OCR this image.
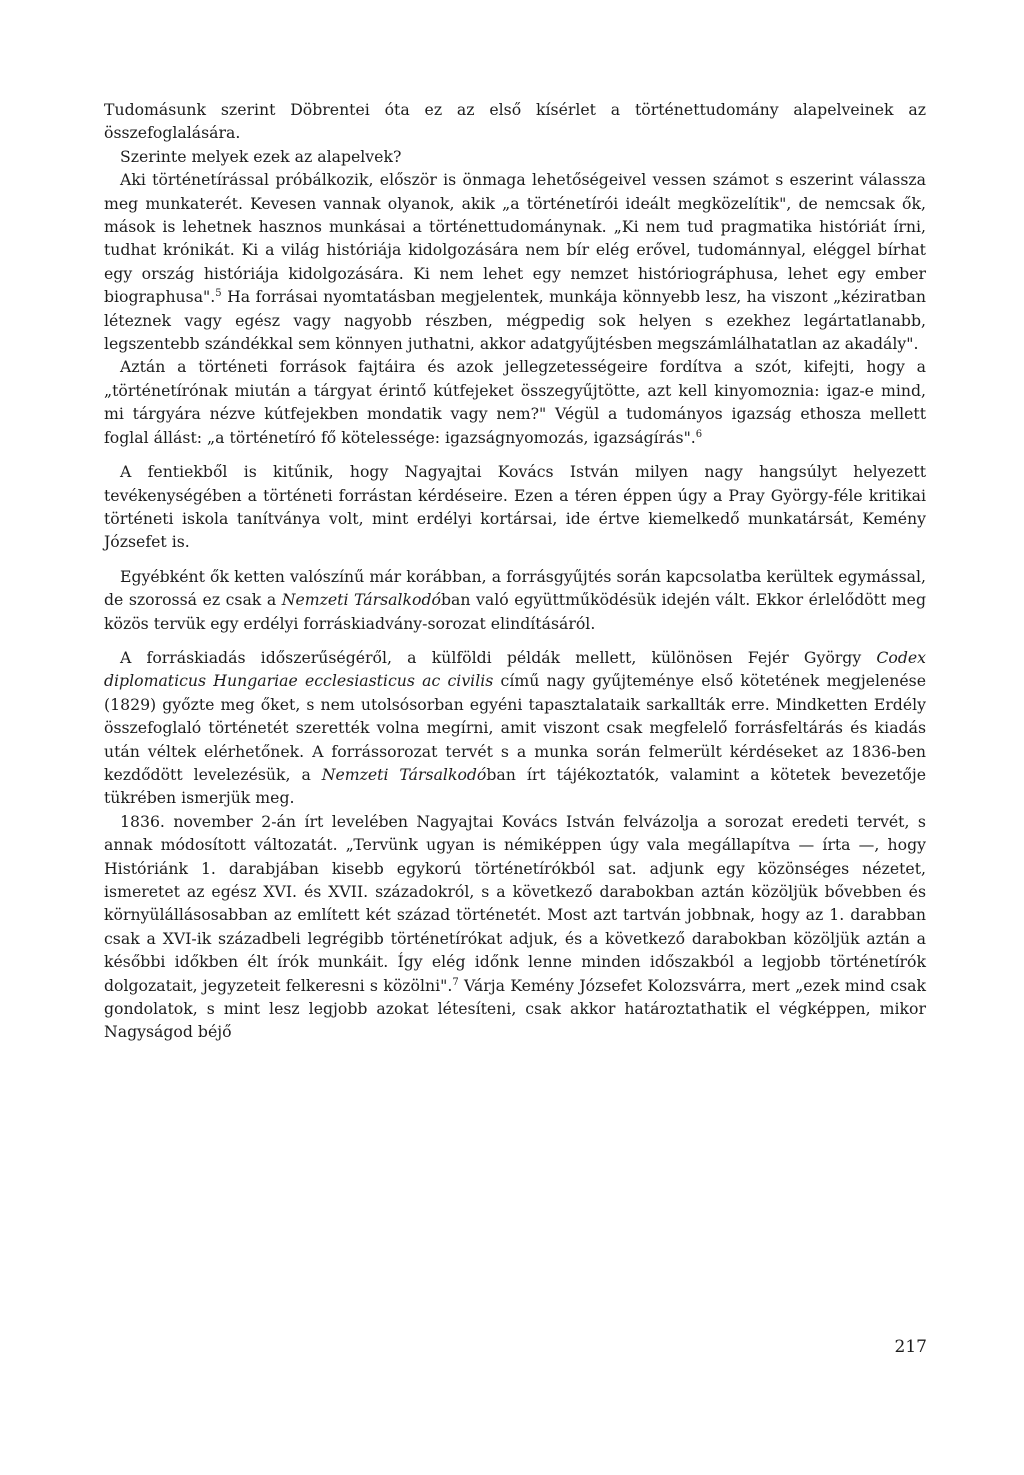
Tudomásunk szerint Döbrentei óta ez az első kísérlet a történettudomány alapelveinek az összefoglalására.

Szerinte melyek ezek az alapelvek?

Aki történetírással próbálkozik, először is önmaga lehetőségeivel vessen számot s eszerint válassza meg munkaterét. Kevesen vannak olyanok, akik „a történetírói ideált megközelítik", de nemcsak ők, mások is lehetnek hasznos munkásai a történettudománynak. „Ki nem tud pragmatika históriát írni, tudhat krónikát. Ki a világ históriája kidolgozására nem bír elég erővel, tudománnyal, eléggel bírhat egy ország históriája kidolgozására. Ki nem lehet egy nemzet históriográphusa, lehet egy ember biographusa".$^5$ Ha forrásai nyomtatásban megjelentek, munkája könnyebb lesz, ha viszont „kéziratban léteznek vagy egész vagy nagyobb részben, mégpedig sok helyen s ezekhez legártatlanabb, legszentebb szándékkal sem könnyen juthatni, akkor adatgyűjtésben megszámlálhatatlan az akadály".

Aztán a történeti források fajtáira és azok jellegzetességeire fordítva a szót, kifejti, hogy a „történetírónak miután a tárgyat érintő kútfejeket összegyűjtötte, azt kell kinyomoznia: igaz-e mind, mi tárgyára nézve kútfejekben mondatik vagy nem?" Végül a tudományos igazság ethosza mellett foglal állást: „a történetíró fő kötelessége: igazságnyomozás, igazságírás".$^6$

A fentiekből is kitűnik, hogy Nagyajtai Kovács István milyen nagy hangsúlyt helyezett tevékenységében a történeti forrástan kérdéseire. Ezen a téren éppen úgy a Pray György-féle kritikai történeti iskola tanítványa volt, mint erdélyi kortársai, ide értve kiemelkedő munkatársát, Kemény Józsefet is.

Egyébként ők ketten valószínű már korábban, a forrásgyűjtés során kapcsolatba kerültek egymással, de szorossá ez csak a Nemzeti Társalkodóban való együttműködésük idején vált. Ekkor érlelődött meg közös tervük egy erdélyi forráskiadvány-sorozat elindításáról.

A forráskiadás időszerűségéről, a külföldi példák mellett, különösen Fejér György Codex diplomaticus Hungariae ecclesiasticus ac civilis című nagy gyűjteménye első kötetének megjelenése (1829) győzte meg őket, s nem utolsósorban egyéni tapasztalataik sarkallták erre. Mindketten Erdély összefoglaló történetét szerették volna megírni, amit viszont csak megfelelő forrásfeltárás és kiadás után véltek elérhetőnek. A forrássorozat tervét s a munka során felmerült kérdéseket az 1836-ben kezdődött levelezésük, a Nemzeti Társalkodóban írt tájékoztatók, valamint a kötetek bevezetője tükrében ismerjük meg.

1836. november 2-án írt levelében Nagyajtai Kovács István felvázolja a sorozat eredeti tervét, s annak módosított változatát. „Tervünk ugyan is némiképpen úgy vala megállapítva — írta —, hogy Históriánk 1. darabjában kisebb egykorú történetírókból sat. adjunk egy közönséges nézetet, ismeretet az egész XVI. és XVII. századokról, s a következő darabokban aztán közöljük bővebben és környülállásosabban az említett két század történetét. Most azt tartván jobbnak, hogy az 1. darabban csak a XVI-ik századbeli legrégibb történetírókat adjuk, és a következő darabokban közöljük aztán a későbbi időkben élt írók munkáit. Így elég időnk lenne minden időszakból a legjobb történetírók dolgozatait, jegyzeteit felkeresni s közölni".$^7$ Várja Kemény Józsefet Kolozsvárra, mert „ezek mind csak gondolatok, s mint lesz legjobb azokat létesíteni, csak akkor határoztathatik el végképpen, mikor Nagyságod béjő

217
